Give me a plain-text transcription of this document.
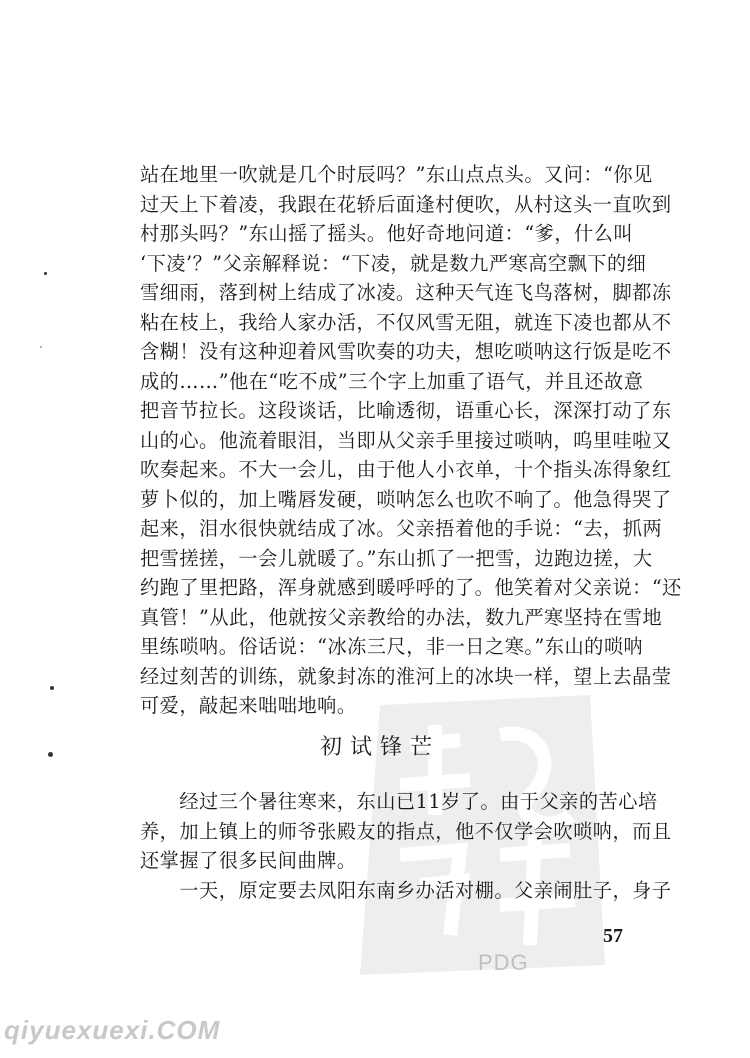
站在地里一吹就是几个时辰吗？”东山点点头。又问：“你见
过天上下着凌，我跟在花轿后面逢村便吹，从村这头一直吹到
村那头吗？”东山摇了摇头。他好奇地问道：“爹，什么叫
‘下凌’？”父亲解释说：“下凌，就是数九严寒高空飘下的细
雪细雨，落到树上结成了冰凌。这种天气连飞鸟落树，脚都冻
粘在枝上，我给人家办活，不仅风雪无阻，就连下凌也都从不
含糊！没有这种迎着风雪吹奏的功夫，想吃唢呐这行饭是吃不
成的……”他在“吃不成”三个字上加重了语气，并且还故意
把音节拉长。这段谈话，比喻透彻，语重心长，深深打动了东
山的心。他流着眼泪，当即从父亲手里接过唢呐，呜里哇啦又
吹奏起来。不大一会儿，由于他人小衣单，十个指头冻得象红
萝卜似的，加上嘴唇发硬，唢呐怎么也吹不响了。他急得哭了
起来，泪水很快就结成了冰。父亲捂着他的手说：“去，抓两
把雪搓搓，一会儿就暖了。”东山抓了一把雪，边跑边搓，大
约跑了里把路，浑身就感到暖呼呼的了。他笑着对父亲说：“还
真管！”从此，他就按父亲教给的办法，数九严寒坚持在雪地
里练唢呐。俗话说：“冰冻三尺，非一日之寒。”东山的唢呐
经过刻苦的训练，就象封冻的淮河上的冰块一样，望上去晶莹
可爱，敲起来咄咄地响。
初试锋芒
　　经过三个暑往寒来，东山已11岁了。由于父亲的苦心培
养，加上镇上的师爷张殿友的指点，他不仅学会吹唢呐，而且
还掌握了很多民间曲牌。
　　一天，原定要去凤阳东南乡办活对棚。父亲闹肚子，身子
57
PDG
qiyuexuexi.COM
